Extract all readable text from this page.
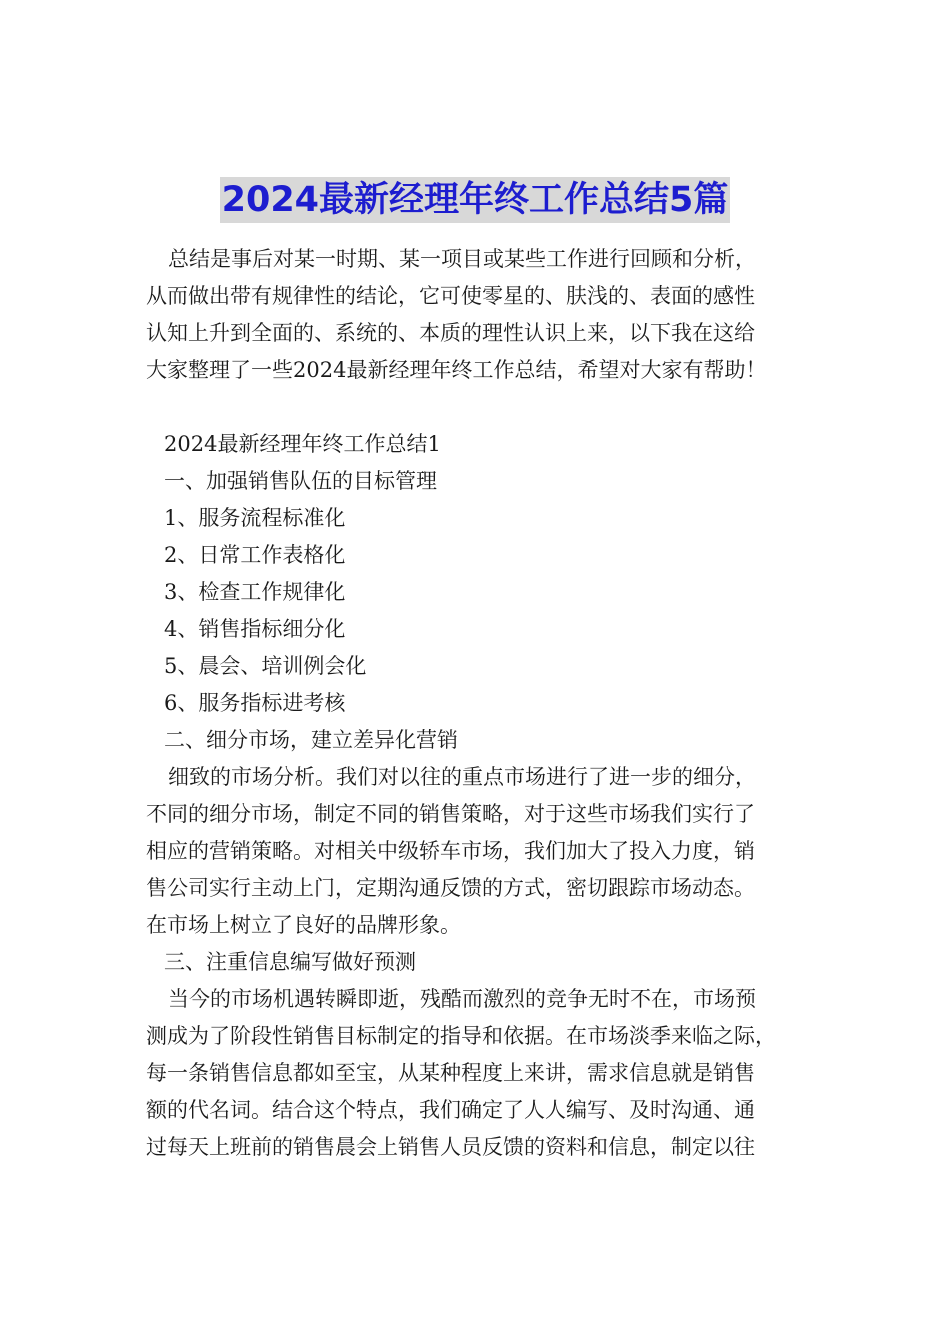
2024最新经理年终工作总结5篇
总结是事后对某一时期、某一项目或某些工作进行回顾和分析，
从而做出带有规律性的结论，它可使零星的、肤浅的、表面的感性
认知上升到全面的、系统的、本质的理性认识上来，以下我在这给
大家整理了一些2024最新经理年终工作总结，希望对大家有帮助！
2024最新经理年终工作总结1
一、加强销售队伍的目标管理
1、服务流程标准化
2、日常工作表格化
3、检查工作规律化
4、销售指标细分化
5、晨会、培训例会化
6、服务指标进考核
二、细分市场，建立差异化营销
细致的市场分析。我们对以往的重点市场进行了进一步的细分，
不同的细分市场，制定不同的销售策略，对于这些市场我们实行了
相应的营销策略。对相关中级轿车市场，我们加大了投入力度，销
售公司实行主动上门，定期沟通反馈的方式，密切跟踪市场动态。
在市场上树立了良好的品牌形象。
三、注重信息编写做好预测
当今的市场机遇转瞬即逝，残酷而激烈的竞争无时不在，市场预
测成为了阶段性销售目标制定的指导和依据。在市场淡季来临之际，
每一条销售信息都如至宝，从某种程度上来讲，需求信息就是销售
额的代名词。结合这个特点，我们确定了人人编写、及时沟通、通
过每天上班前的销售晨会上销售人员反馈的资料和信息，制定以往
